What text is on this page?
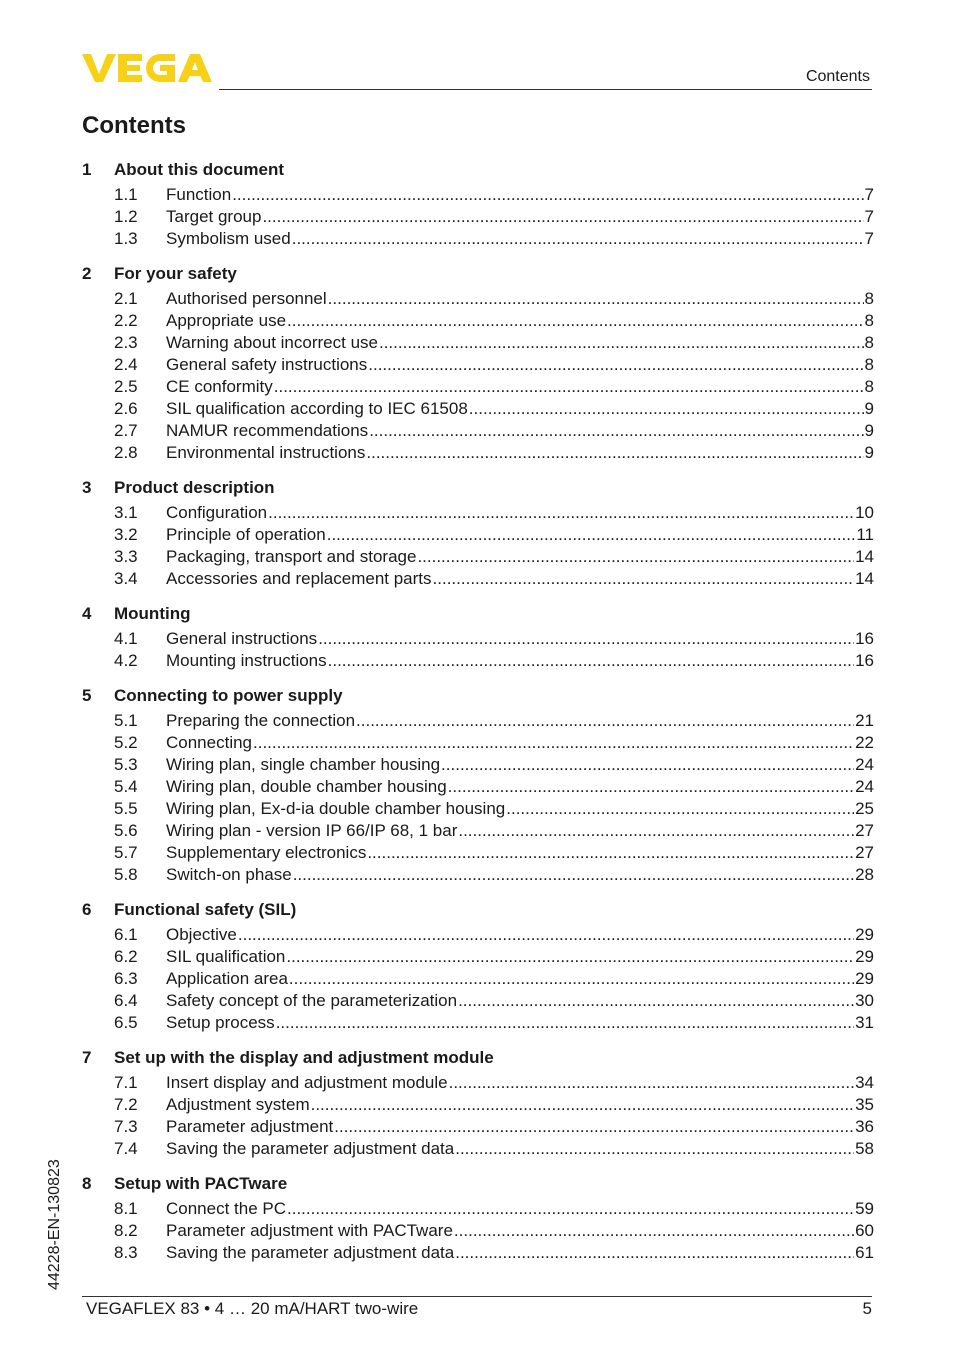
Contents
Contents
1	About this document
1.1	Function .....	7
1.2	Target group .....	7
1.3	Symbolism used .....	7
2	For your safety
2.1	Authorised personnel .....	8
2.2	Appropriate use .....	8
2.3	Warning about incorrect use .....	8
2.4	General safety instructions .....	8
2.5	CE conformity .....	8
2.6	SIL qualification according to IEC 61508 .....	9
2.7	NAMUR recommendations .....	9
2.8	Environmental instructions .....	9
3	Product description
3.1	Configuration .....	10
3.2	Principle of operation .....	11
3.3	Packaging, transport and storage .....	14
3.4	Accessories and replacement parts .....	14
4	Mounting
4.1	General instructions .....	16
4.2	Mounting instructions .....	16
5	Connecting to power supply
5.1	Preparing the connection .....	21
5.2	Connecting .....	22
5.3	Wiring plan, single chamber housing .....	24
5.4	Wiring plan, double chamber housing .....	24
5.5	Wiring plan, Ex-d-ia double chamber housing .....	25
5.6	Wiring plan - version IP 66/IP 68, 1 bar .....	27
5.7	Supplementary electronics .....	27
5.8	Switch-on phase .....	28
6	Functional safety (SIL)
6.1	Objective .....	29
6.2	SIL qualification .....	29
6.3	Application area .....	29
6.4	Safety concept of the parameterization .....	30
6.5	Setup process .....	31
7	Set up with the display and adjustment module
7.1	Insert display and adjustment module .....	34
7.2	Adjustment system .....	35
7.3	Parameter adjustment .....	36
7.4	Saving the parameter adjustment data .....	58
8	Setup with PACTware
8.1	Connect the PC .....	59
8.2	Parameter adjustment with PACTware .....	60
8.3	Saving the parameter adjustment data .....	61
44228-EN-130823
VEGAFLEX 83 • 4 … 20 mA/HART two-wire	5
